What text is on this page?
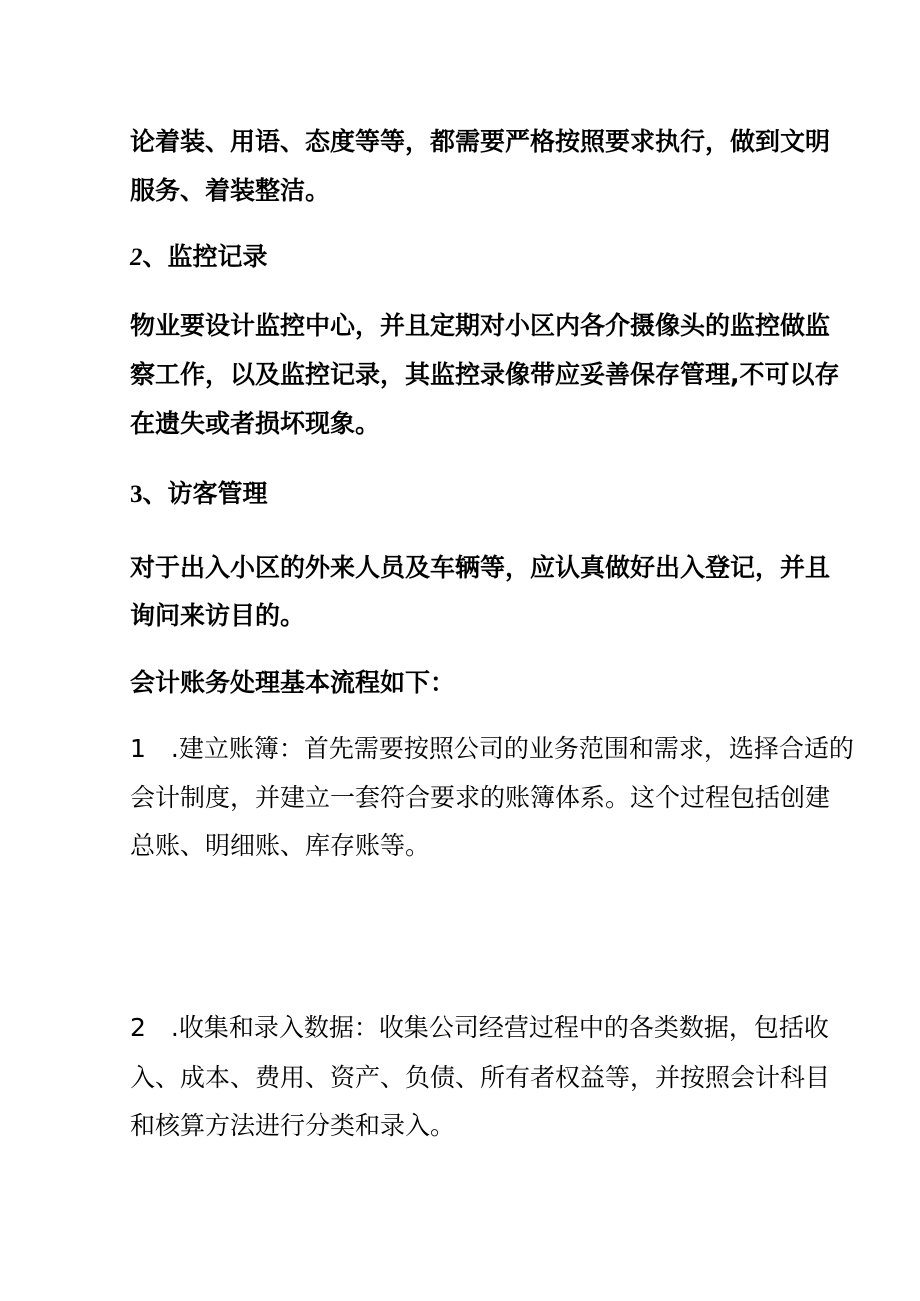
论着装、用语、态度等等，都需要严格按照要求执行，做到文明
服务、着装整洁。
2、监控记录
物业要设计监控中心，并且定期对小区内各介摄像头的监控做监
察工作，以及监控记录，其监控录像带应妥善保存管理,不可以存
在遗失或者损坏现象。
3、访客管理
对于出入小区的外来人员及车辆等，应认真做好出入登记，并且
询问来访目的。
会计账务处理基本流程如下：
1　.建立账簿：首先需要按照公司的业务范围和需求，选择合适的
会计制度，并建立一套符合要求的账簿体系。这个过程包括创建
总账、明细账、库存账等。
2　.收集和录入数据：收集公司经营过程中的各类数据，包括收
入、成本、费用、资产、负债、所有者权益等，并按照会计科目
和核算方法进行分类和录入。
